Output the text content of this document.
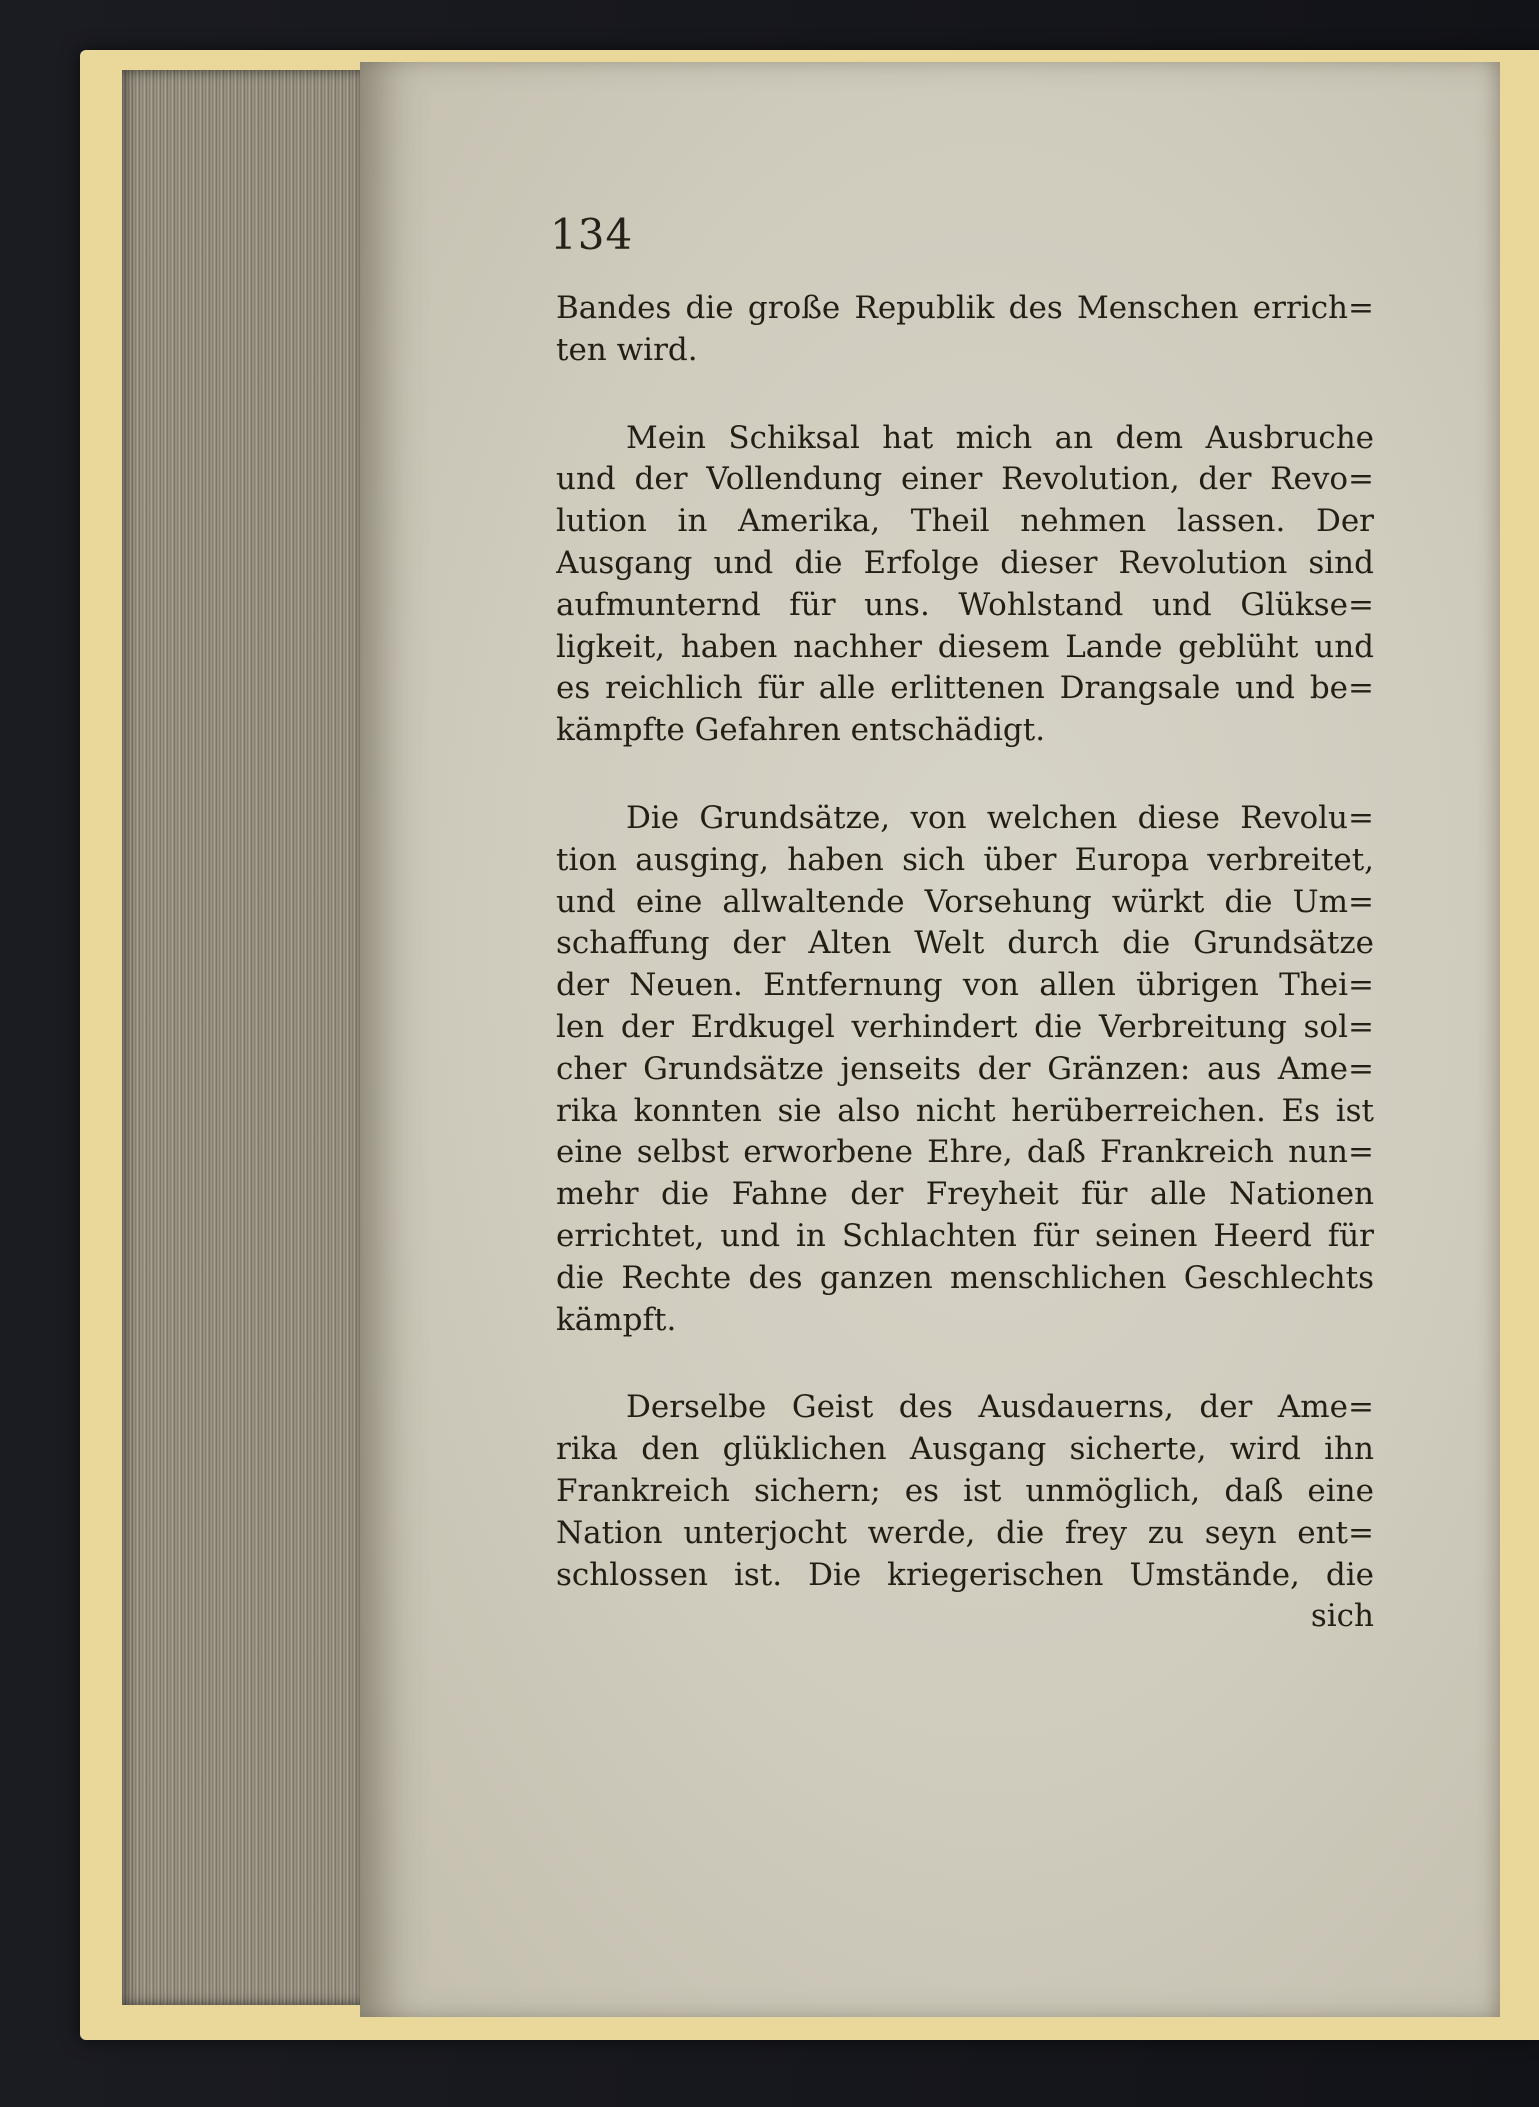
134
Bandes die große Republik des Menschen errich=
ten wird.
Mein Schiksal hat mich an dem Ausbruche
und der Vollendung einer Revolution, der Revo=
lution in Amerika, Theil nehmen lassen. Der
Ausgang und die Erfolge dieser Revolution sind
aufmunternd für uns. Wohlstand und Glükse=
ligkeit, haben nachher diesem Lande geblüht und
es reichlich für alle erlittenen Drangsale und be=
kämpfte Gefahren entschädigt.
Die Grundsätze, von welchen diese Revolu=
tion ausging, haben sich über Europa verbreitet,
und eine allwaltende Vorsehung würkt die Um=
schaffung der Alten Welt durch die Grundsätze
der Neuen. Entfernung von allen übrigen Thei=
len der Erdkugel verhindert die Verbreitung sol=
cher Grundsätze jenseits der Gränzen: aus Ame=
rika konnten sie also nicht herüberreichen. Es ist
eine selbst erworbene Ehre, daß Frankreich nun=
mehr die Fahne der Freyheit für alle Nationen
errichtet, und in Schlachten für seinen Heerd für
die Rechte des ganzen menschlichen Geschlechts
kämpft.
Derselbe Geist des Ausdauerns, der Ame=
rika den glüklichen Ausgang sicherte, wird ihn
Frankreich sichern; es ist unmöglich, daß eine
Nation unterjocht werde, die frey zu seyn ent=
schlossen ist. Die kriegerischen Umstände, die
sich
